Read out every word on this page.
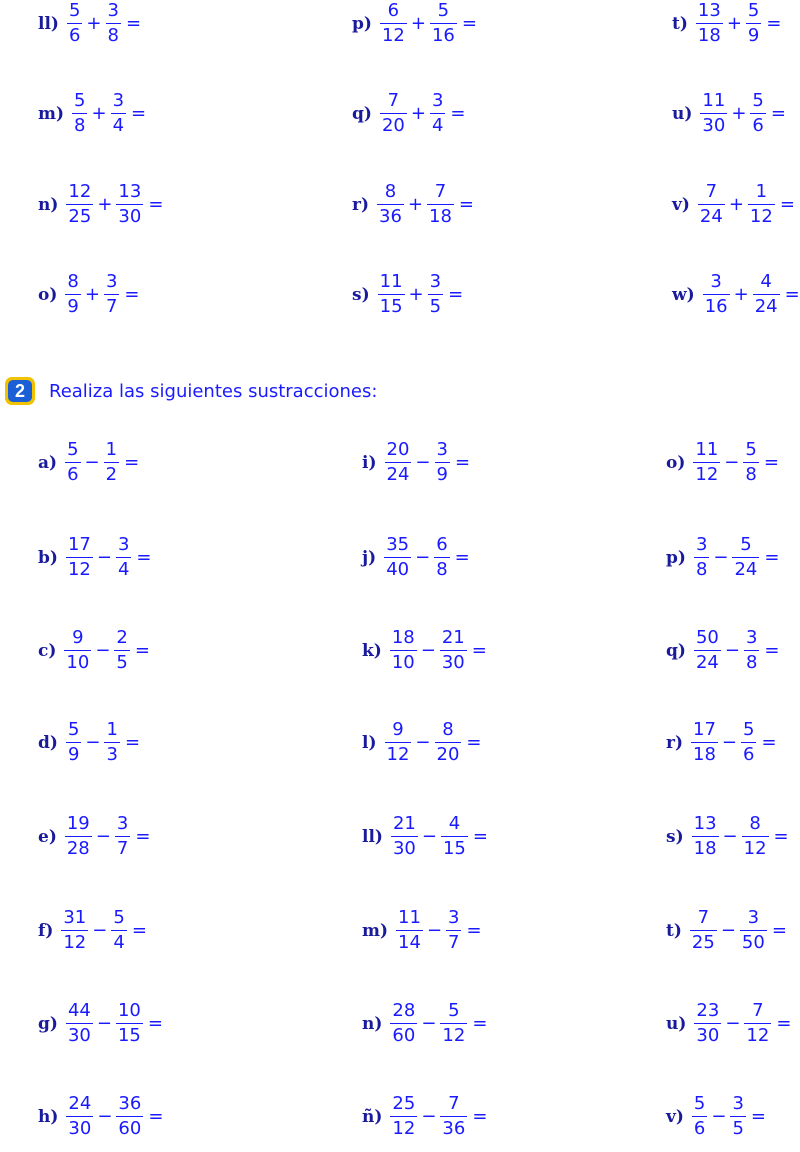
$ll) \frac{5}{6} + \frac{3}{8}$ =	$p) \frac{6}{12} + \frac{5}{16}$ =	$t) \frac{13}{18} + \frac{5}{9}$ =
$m) \frac{5}{8} + \frac{3}{4}$ =	$q) \frac{7}{20} + \frac{3}{4}$ =	$u) \frac{11}{30} + \frac{5}{6}$ =
$n) \frac{12}{25} + \frac{13}{30}$ =	$r) \frac{8}{36} + \frac{7}{18}$ =	$v) \frac{7}{24} + \frac{1}{12}$ =
$o) \frac{8}{9} + \frac{3}{7}$ =	$s) \frac{11}{15} + \frac{3}{5}$ =	$w) \frac{3}{16} + \frac{4}{24}$ =
2	Realiza las siguientes sustracciones:
$a) \frac{5}{6} - \frac{1}{2}$ =	$i) \frac{20}{24} - \frac{3}{9}$ =	$o) \frac{11}{12} - \frac{5}{8}$ =
$b) \frac{17}{12} - \frac{3}{4}$ =	$j) \frac{35}{40} - \frac{6}{8}$ =	$p) \frac{3}{8} - \frac{5}{24}$ =
$c) \frac{9}{10} - \frac{2}{5}$ =	$k) \frac{18}{10} - \frac{21}{30}$ =	$q) \frac{50}{24} - \frac{3}{8}$ =
$d) \frac{5}{9} - \frac{1}{3}$ =	$l) \frac{9}{12} - \frac{8}{20}$ =	$r) \frac{17}{18} - \frac{5}{6}$ =
$e) \frac{19}{28} - \frac{3}{7}$ =	$ll) \frac{21}{30} - \frac{4}{15}$ =	$s) \frac{13}{18} - \frac{8}{12}$ =
$f) \frac{31}{12} - \frac{5}{4}$ =	$m) \frac{11}{14} - \frac{3}{7}$ =	$t) \frac{7}{25} - \frac{3}{50}$ =
$g) \frac{44}{30} - \frac{10}{15}$ =	$n) \frac{28}{60} - \frac{5}{12}$ =	$u) \frac{23}{30} - \frac{7}{12}$ =
$h) \frac{24}{30} - \frac{36}{60}$ =	ñ) $\frac{25}{12} - \frac{7}{36}$ =	$v) \frac{5}{6} - \frac{3}{5}$ =
